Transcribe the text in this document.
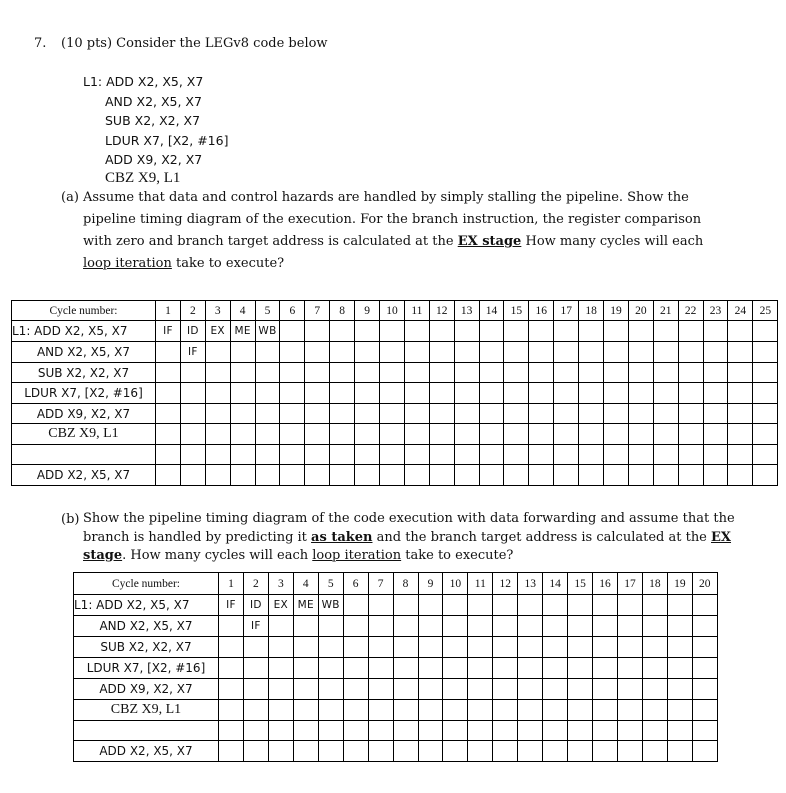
7. (10 pts) Consider the LEGv8 code below
L1: ADD X2, X5, X7
AND X2, X5, X7
SUB X2, X2, X7
LDUR X7, [X2, #16]
ADD X9, X2, X7
CBZ X9, L1
(a) Assume that data and control hazards are handled by simply stalling the pipeline. Show the pipeline timing diagram of the execution. For the branch instruction, the register comparison with zero and branch target address is calculated at the EX stage How many cycles will each loop iteration take to execute?
Cycle number:	1	2	3	4	5	6	7	8	9	10	11	12	13	14	15	16	17	18	19	20	21	22	23	24	25
L1: ADD X2, X5, X7	IF	ID	EX	ME	WB																				
AND X2, X5, X7		IF																							
SUB X2, X2, X7																									
LDUR X7, [X2, #16]																									
ADD X9, X2, X7																									
CBZ X9, L1																									

ADD X2, X5, X7																									
(b) Show the pipeline timing diagram of the code execution with data forwarding and assume that the branch is handled by predicting it as taken and the branch target address is calculated at the EX stage. How many cycles will each loop iteration take to execute?
Cycle number:	1	2	3	4	5	6	7	8	9	10	11	12	13	14	15	16	17	18	19	20
L1: ADD X2, X5, X7	IF	ID	EX	ME	WB															
AND X2, X5, X7		IF																		
SUB X2, X2, X7																				
LDUR X7, [X2, #16]																				
ADD X9, X2, X7																				
CBZ X9, L1																				

ADD X2, X5, X7																				
